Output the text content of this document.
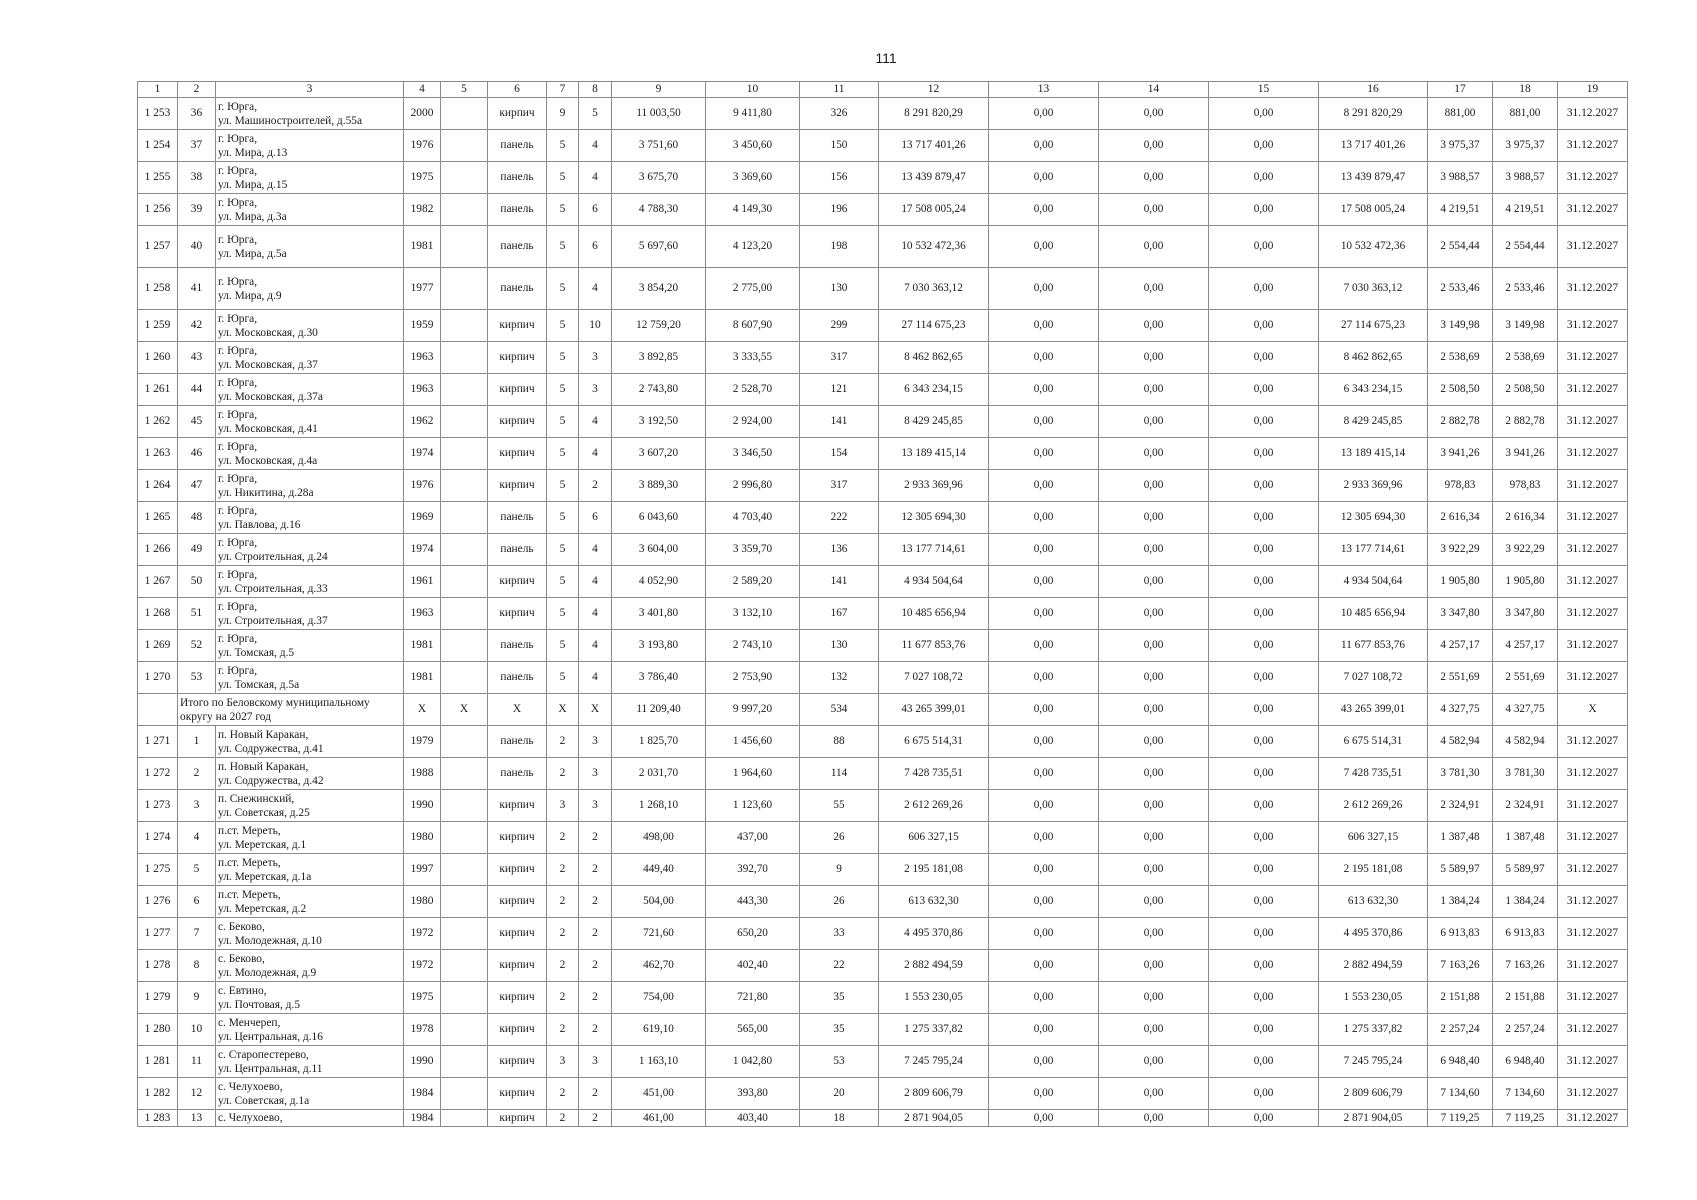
111
1	2	3	4	5	6	7	8	9	10	11	12	13	14	15	16	17	18	19
1 253	36	г. Юрга,
ул. Машиностроителей, д.55а	2000		кирпич	9	5	11 003,50	9 411,80	326	8 291 820,29	0,00	0,00	0,00	8 291 820,29	881,00	881,00	31.12.2027
1 254	37	г. Юрга,
ул. Мира, д.13	1976		панель	5	4	3 751,60	3 450,60	150	13 717 401,26	0,00	0,00	0,00	13 717 401,26	3 975,37	3 975,37	31.12.2027
1 255	38	г. Юрга,
ул. Мира, д.15	1975		панель	5	4	3 675,70	3 369,60	156	13 439 879,47	0,00	0,00	0,00	13 439 879,47	3 988,57	3 988,57	31.12.2027
1 256	39	г. Юрга,
ул. Мира, д.3а	1982		панель	5	6	4 788,30	4 149,30	196	17 508 005,24	0,00	0,00	0,00	17 508 005,24	4 219,51	4 219,51	31.12.2027
1 257	40	г. Юрга,
ул. Мира, д.5а	1981		панель	5	6	5 697,60	4 123,20	198	10 532 472,36	0,00	0,00	0,00	10 532 472,36	2 554,44	2 554,44	31.12.2027
1 258	41	г. Юрга,
ул. Мира, д.9	1977		панель	5	4	3 854,20	2 775,00	130	7 030 363,12	0,00	0,00	0,00	7 030 363,12	2 533,46	2 533,46	31.12.2027
1 259	42	г. Юрга,
ул. Московская, д.30	1959		кирпич	5	10	12 759,20	8 607,90	299	27 114 675,23	0,00	0,00	0,00	27 114 675,23	3 149,98	3 149,98	31.12.2027
1 260	43	г. Юрга,
ул. Московская, д.37	1963		кирпич	5	3	3 892,85	3 333,55	317	8 462 862,65	0,00	0,00	0,00	8 462 862,65	2 538,69	2 538,69	31.12.2027
1 261	44	г. Юрга,
ул. Московская, д.37а	1963		кирпич	5	3	2 743,80	2 528,70	121	6 343 234,15	0,00	0,00	0,00	6 343 234,15	2 508,50	2 508,50	31.12.2027
1 262	45	г. Юрга,
ул. Московская, д.41	1962		кирпич	5	4	3 192,50	2 924,00	141	8 429 245,85	0,00	0,00	0,00	8 429 245,85	2 882,78	2 882,78	31.12.2027
1 263	46	г. Юрга,
ул. Московская, д.4а	1974		кирпич	5	4	3 607,20	3 346,50	154	13 189 415,14	0,00	0,00	0,00	13 189 415,14	3 941,26	3 941,26	31.12.2027
1 264	47	г. Юрга,
ул. Никитина, д.28а	1976		кирпич	5	2	3 889,30	2 996,80	317	2 933 369,96	0,00	0,00	0,00	2 933 369,96	978,83	978,83	31.12.2027
1 265	48	г. Юрга,
ул. Павлова, д.16	1969		панель	5	6	6 043,60	4 703,40	222	12 305 694,30	0,00	0,00	0,00	12 305 694,30	2 616,34	2 616,34	31.12.2027
1 266	49	г. Юрга,
ул. Строительная, д.24	1974		панель	5	4	3 604,00	3 359,70	136	13 177 714,61	0,00	0,00	0,00	13 177 714,61	3 922,29	3 922,29	31.12.2027
1 267	50	г. Юрга,
ул. Строительная, д.33	1961		кирпич	5	4	4 052,90	2 589,20	141	4 934 504,64	0,00	0,00	0,00	4 934 504,64	1 905,80	1 905,80	31.12.2027
1 268	51	г. Юрга,
ул. Строительная, д.37	1963		кирпич	5	4	3 401,80	3 132,10	167	10 485 656,94	0,00	0,00	0,00	10 485 656,94	3 347,80	3 347,80	31.12.2027
1 269	52	г. Юрга,
ул. Томская, д.5	1981		панель	5	4	3 193,80	2 743,10	130	11 677 853,76	0,00	0,00	0,00	11 677 853,76	4 257,17	4 257,17	31.12.2027
1 270	53	г. Юрга,
ул. Томская, д.5а	1981		панель	5	4	3 786,40	2 753,90	132	7 027 108,72	0,00	0,00	0,00	7 027 108,72	2 551,69	2 551,69	31.12.2027
	Итого по Беловскому муниципальному округу на 2027 год		X	X	X	X	X	11 209,40	9 997,20	534	43 265 399,01	0,00	0,00	0,00	43 265 399,01	4 327,75	4 327,75	X
1 271	1	п. Новый Каракан,
ул. Содружества, д.41	1979		панель	2	3	1 825,70	1 456,60	88	6 675 514,31	0,00	0,00	0,00	6 675 514,31	4 582,94	4 582,94	31.12.2027
1 272	2	п. Новый Каракан,
ул. Содружества, д.42	1988		панель	2	3	2 031,70	1 964,60	114	7 428 735,51	0,00	0,00	0,00	7 428 735,51	3 781,30	3 781,30	31.12.2027
1 273	3	п. Снежинский,
ул. Советская, д.25	1990		кирпич	3	3	1 268,10	1 123,60	55	2 612 269,26	0,00	0,00	0,00	2 612 269,26	2 324,91	2 324,91	31.12.2027
1 274	4	п.ст. Мереть,
ул. Меретская, д.1	1980		кирпич	2	2	498,00	437,00	26	606 327,15	0,00	0,00	0,00	606 327,15	1 387,48	1 387,48	31.12.2027
1 275	5	п.ст. Мереть,
ул. Меретская, д.1а	1997		кирпич	2	2	449,40	392,70	9	2 195 181,08	0,00	0,00	0,00	2 195 181,08	5 589,97	5 589,97	31.12.2027
1 276	6	п.ст. Мереть,
ул. Меретская, д.2	1980		кирпич	2	2	504,00	443,30	26	613 632,30	0,00	0,00	0,00	613 632,30	1 384,24	1 384,24	31.12.2027
1 277	7	с. Беково,
ул. Молодежная, д.10	1972		кирпич	2	2	721,60	650,20	33	4 495 370,86	0,00	0,00	0,00	4 495 370,86	6 913,83	6 913,83	31.12.2027
1 278	8	с. Беково,
ул. Молодежная, д.9	1972		кирпич	2	2	462,70	402,40	22	2 882 494,59	0,00	0,00	0,00	2 882 494,59	7 163,26	7 163,26	31.12.2027
1 279	9	с. Евтино,
ул. Почтовая, д.5	1975		кирпич	2	2	754,00	721,80	35	1 553 230,05	0,00	0,00	0,00	1 553 230,05	2 151,88	2 151,88	31.12.2027
1 280	10	с. Менчереп,
ул. Центральная, д.16	1978		кирпич	2	2	619,10	565,00	35	1 275 337,82	0,00	0,00	0,00	1 275 337,82	2 257,24	2 257,24	31.12.2027
1 281	11	с. Старопестерево,
ул. Центральная, д.11	1990		кирпич	3	3	1 163,10	1 042,80	53	7 245 795,24	0,00	0,00	0,00	7 245 795,24	6 948,40	6 948,40	31.12.2027
1 282	12	с. Челухоево,
ул. Советская, д.1а	1984		кирпич	2	2	451,00	393,80	20	2 809 606,79	0,00	0,00	0,00	2 809 606,79	7 134,60	7 134,60	31.12.2027
1 283	13	с. Челухоево,	1984		кирпич	2	2	461,00	403,40	18	2 871 904,05	0,00	0,00	0,00	2 871 904,05	7 119,25	7 119,25	31.12.2027
